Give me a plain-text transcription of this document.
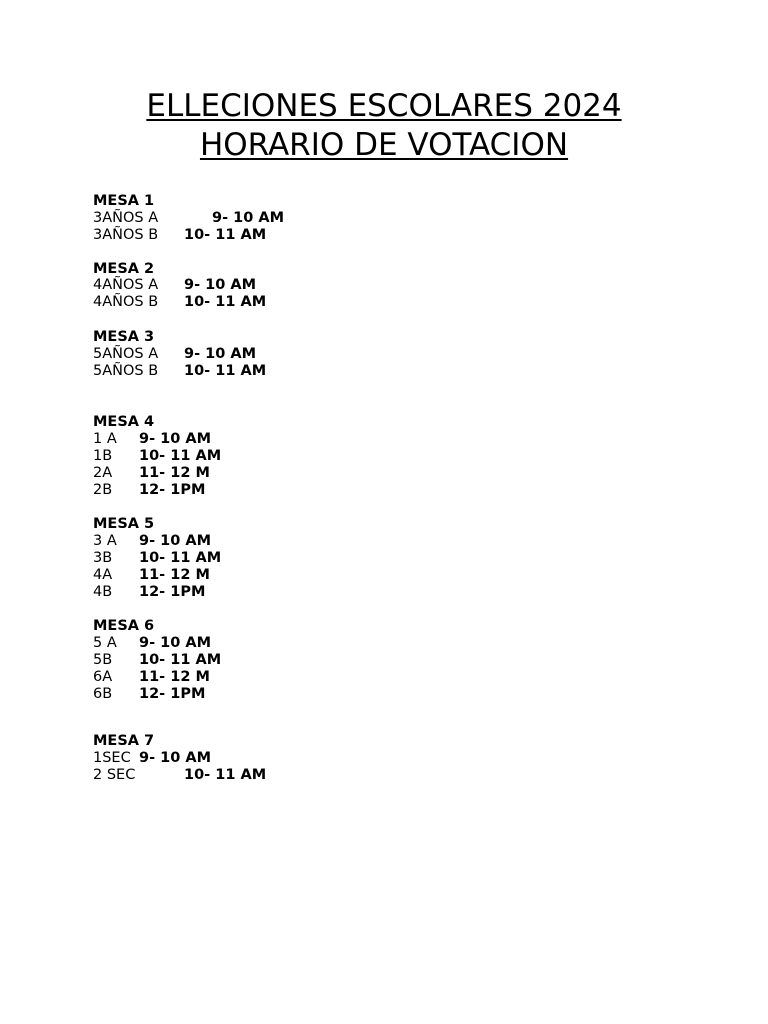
ELLECIONES ESCOLARES 2024
HORARIO DE VOTACION
MESA 1

3AÑOS A

	9- 10 AM

3AÑOS B

10- 11 AM

MESA 2

4AÑOS A

9- 10 AM

4AÑOS B

10- 11 AM

MESA 3

5AÑOS A

9- 10 AM

5AÑOS B

10- 11 AM

MESA 4

1 A

9- 10 AM

1B

10- 11 AM

2A

11- 12 M

2B

12- 1PM

MESA 5

3 A

9- 10 AM

3B

10- 11 AM

4A

11- 12 M

4B

12- 1PM

MESA 6

5 A

9- 10 AM

5B

10- 11 AM

6A

11- 12 M

6B

12- 1PM

MESA 7

1SEC

9- 10 AM

2 SEC

	10- 11 AM
